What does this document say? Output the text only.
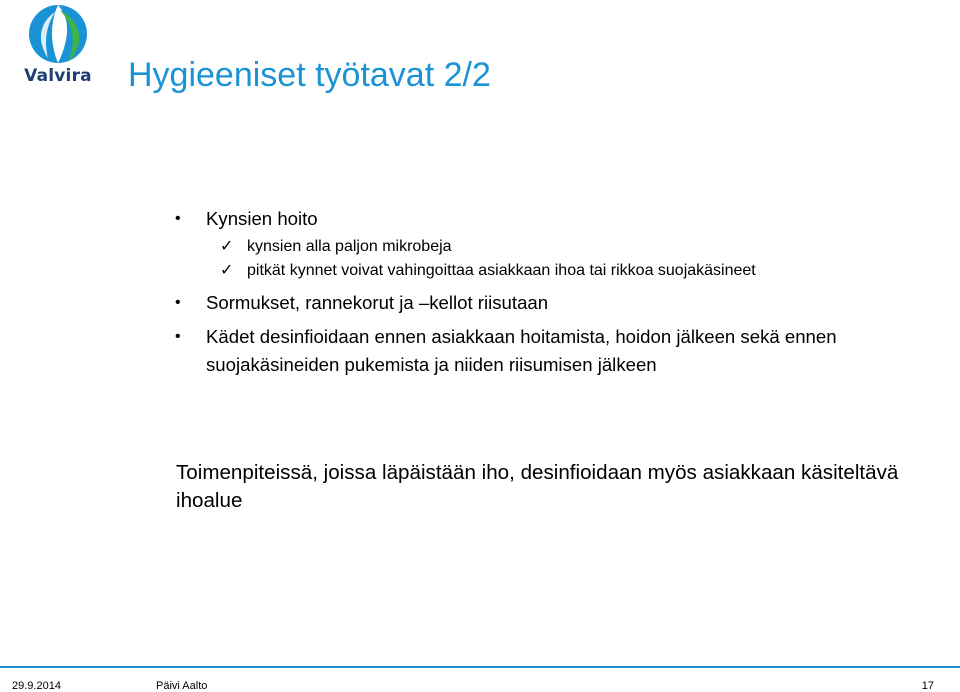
Valvira Hygieeniset työtavat 2/2
• Kynsien hoito
✓ kynsien alla paljon mikrobeja
✓ pitkät kynnet voivat vahingoittaa asiakkaan ihoa tai rikkoa suojakäsineet
• Sormukset, rannekorut ja –kellot riisutaan
• Kädet desinfioidaan ennen asiakkaan hoitamista, hoidon jälkeen sekä ennen suojakäsineiden pukemista ja niiden riisumisen jälkeen
Toimenpiteissä, joissa läpäistään iho, desinfioidaan myös asiakkaan käsiteltävä ihoalue
29.9.2014	Päivi Aalto	17
